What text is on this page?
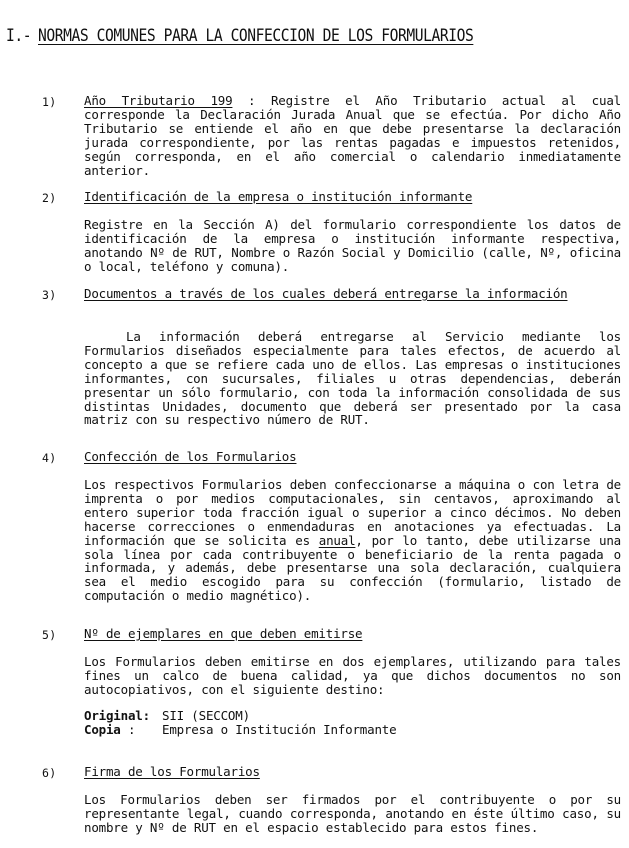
I.- NORMAS COMUNES PARA LA CONFECCION DE LOS FORMULARIOS
1) Año Tributario 199 : Registre el Año Tributario actual al cual corresponde la Declaración Jurada Anual que se efectúa. Por dicho Año Tributario se entiende el año en que debe presentarse la declaración jurada correspondiente, por las rentas pagadas e impuestos retenidos, según corresponda, en el año comercial o calendario inmediatamente anterior.

2) Identificación de la empresa o institución informante

Registre en la Sección A) del formulario correspondiente los datos de identificación de la empresa o institución informante respectiva, anotando Nº de RUT, Nombre o Razón Social y Domicilio (calle, Nº, oficina o local, teléfono y comuna).

3) Documentos a través de los cuales deberá entregarse la información

La información deberá entregarse al Servicio mediante los Formularios diseñados especialmente para tales efectos, de acuerdo al concepto a que se refiere cada uno de ellos. Las empresas o instituciones informantes, con sucursales, filiales u otras dependencias, deberán presentar un sólo formulario, con toda la información consolidada de sus distintas Unidades, documento que deberá ser presentado por la casa matriz con su respectivo número de RUT.

4) Confección de los Formularios

Los respectivos Formularios deben confeccionarse a máquina o con letra de imprenta o por medios computacionales, sin centavos, aproximando al entero superior toda fracción igual o superior a cinco décimos. No deben hacerse correcciones o enmendaduras en anotaciones ya efectuadas. La información que se solicita es anual, por lo tanto, debe utilizarse una sola línea por cada contribuyente o beneficiario de la renta pagada o informada, y además, debe presentarse una sola declaración, cualquiera sea el medio escogido para su confección (formulario, listado de computación o medio magnético).

5) Nº de ejemplares en que deben emitirse

Los Formularios deben emitirse en dos ejemplares, utilizando para tales fines un calco de buena calidad, ya que dichos documentos no son autocopiativos, con el siguiente destino:

Original: SII (SECCOM)
Copia :	Empresa o Institución Informante
6) Firma de los Formularios

Los Formularios deben ser firmados por el contribuyente o por su representante legal, cuando corresponda, anotando en éste último caso, su nombre y Nº de RUT en el espacio establecido para estos fines.
